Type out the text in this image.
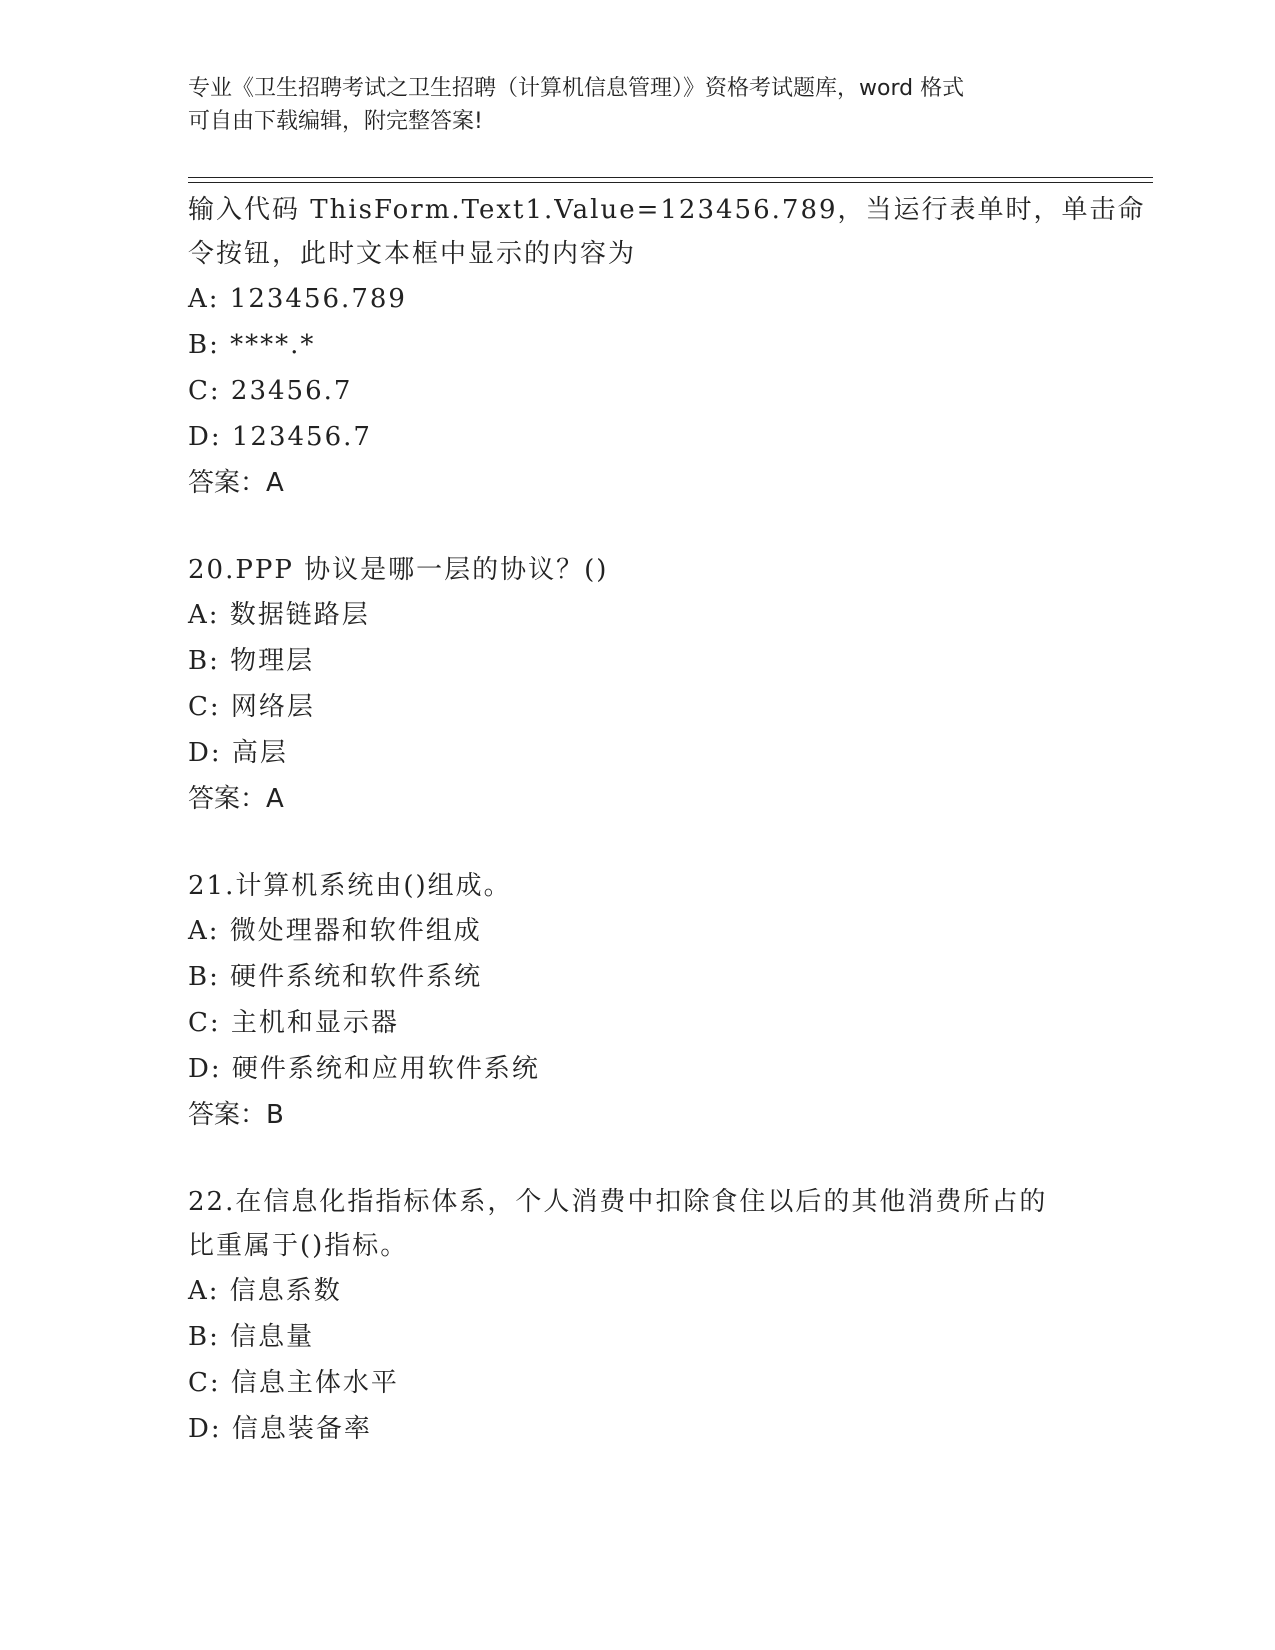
专业《卫生招聘考试之卫生招聘（计算机信息管理）》资格考试题库，word 格式
可自由下载编辑，附完整答案!
输入代码 ThisForm.Text1.Value=123456.789，当运行表单时，单击命
令按钮，此时文本框中显示的内容为
A: 123456.789
B: ****.*
C: 23456.7
D: 123456.7
答案：A
20.PPP 协议是哪一层的协议？()
A: 数据链路层
B: 物理层
C: 网络层
D: 高层
答案：A
21.计算机系统由()组成。
A: 微处理器和软件组成
B: 硬件系统和软件系统
C: 主机和显示器
D: 硬件系统和应用软件系统
答案：B
22.在信息化指指标体系，个人消费中扣除食住以后的其他消费所占的
比重属于()指标。
A: 信息系数
B: 信息量
C: 信息主体水平
D: 信息装备率
